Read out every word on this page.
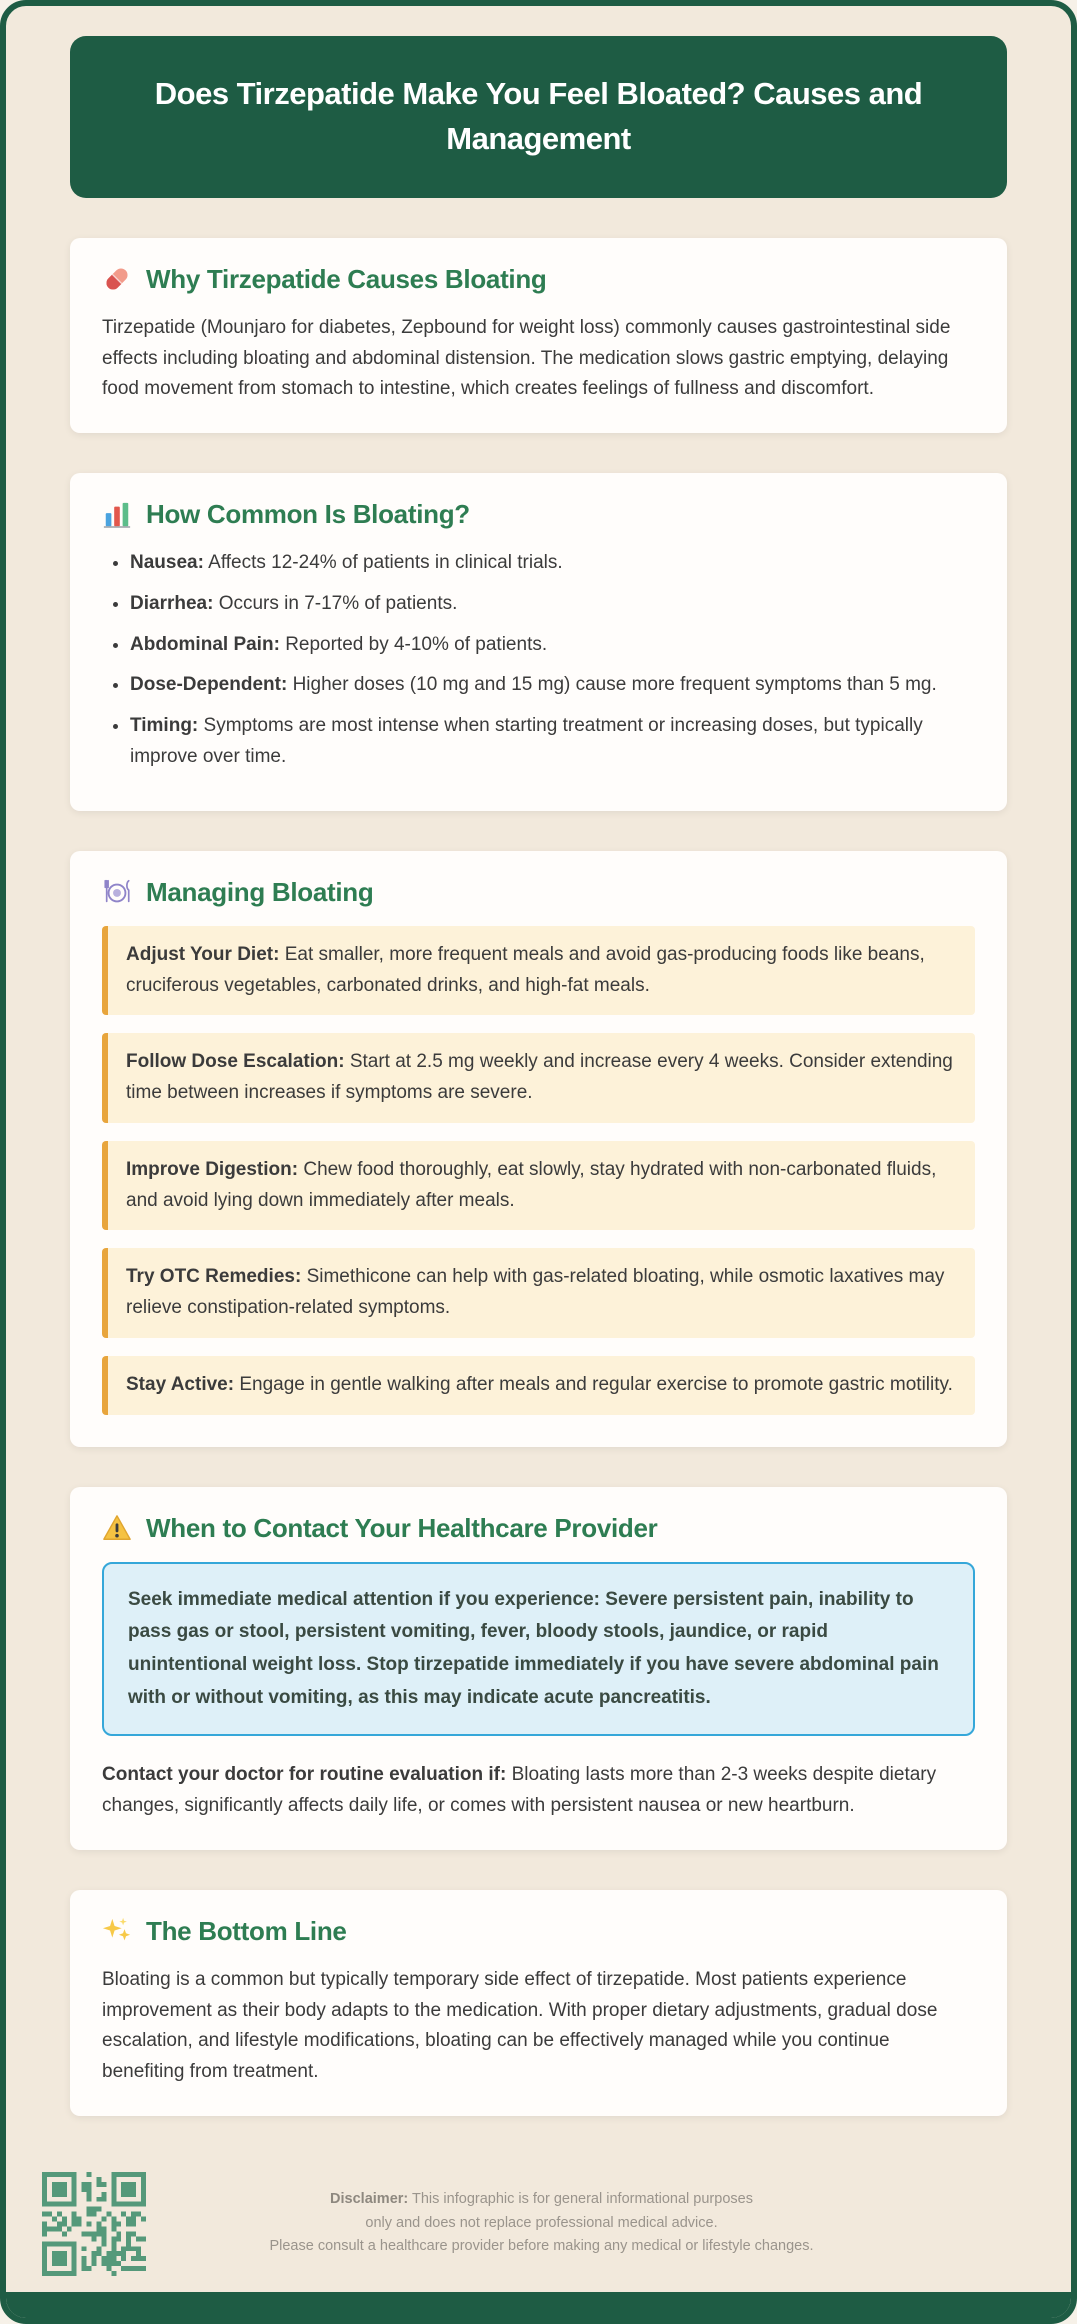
Does Tirzepatide Make You Feel Bloated? Causes and Management
Why Tirzepatide Causes Bloating

Tirzepatide (Mounjaro for diabetes, Zepbound for weight loss) commonly causes gastrointestinal side effects including bloating and abdominal distension. The medication slows gastric emptying, delaying food movement from stomach to intestine, which creates feelings of fullness and discomfort.

How Common Is Bloating?
• Nausea: Affects 12-24% of patients in clinical trials.
• Diarrhea: Occurs in 7-17% of patients.
• Abdominal Pain: Reported by 4-10% of patients.
• Dose-Dependent: Higher doses (10 mg and 15 mg) cause more frequent symptoms than 5 mg.
• Timing: Symptoms are most intense when starting treatment or increasing doses, but typically improve over time.
Managing Bloating
Adjust Your Diet: Eat smaller, more frequent meals and avoid gas-producing foods like beans, cruciferous vegetables, carbonated drinks, and high-fat meals.
Follow Dose Escalation: Start at 2.5 mg weekly and increase every 4 weeks. Consider extending time between increases if symptoms are severe.
Improve Digestion: Chew food thoroughly, eat slowly, stay hydrated with non-carbonated fluids, and avoid lying down immediately after meals.
Try OTC Remedies: Simethicone can help with gas-related bloating, while osmotic laxatives may relieve constipation-related symptoms.
Stay Active: Engage in gentle walking after meals and regular exercise to promote gastric motility.
When to Contact Your Healthcare Provider
Seek immediate medical attention if you experience: Severe persistent pain, inability to pass gas or stool, persistent vomiting, fever, bloody stools, jaundice, or rapid unintentional weight loss. Stop tirzepatide immediately if you have severe abdominal pain with or without vomiting, as this may indicate acute pancreatitis.

Contact your doctor for routine evaluation if: Bloating lasts more than 2-3 weeks despite dietary changes, significantly affects daily life, or comes with persistent nausea or new heartburn.

The Bottom Line

Bloating is a common but typically temporary side effect of tirzepatide. Most patients experience improvement as their body adapts to the medication. With proper dietary adjustments, gradual dose escalation, and lifestyle modifications, bloating can be effectively managed while you continue benefiting from treatment.

Disclaimer: This infographic is for general informational purposes
only and does not replace professional medical advice.
Please consult a healthcare provider before making any medical or lifestyle changes.
